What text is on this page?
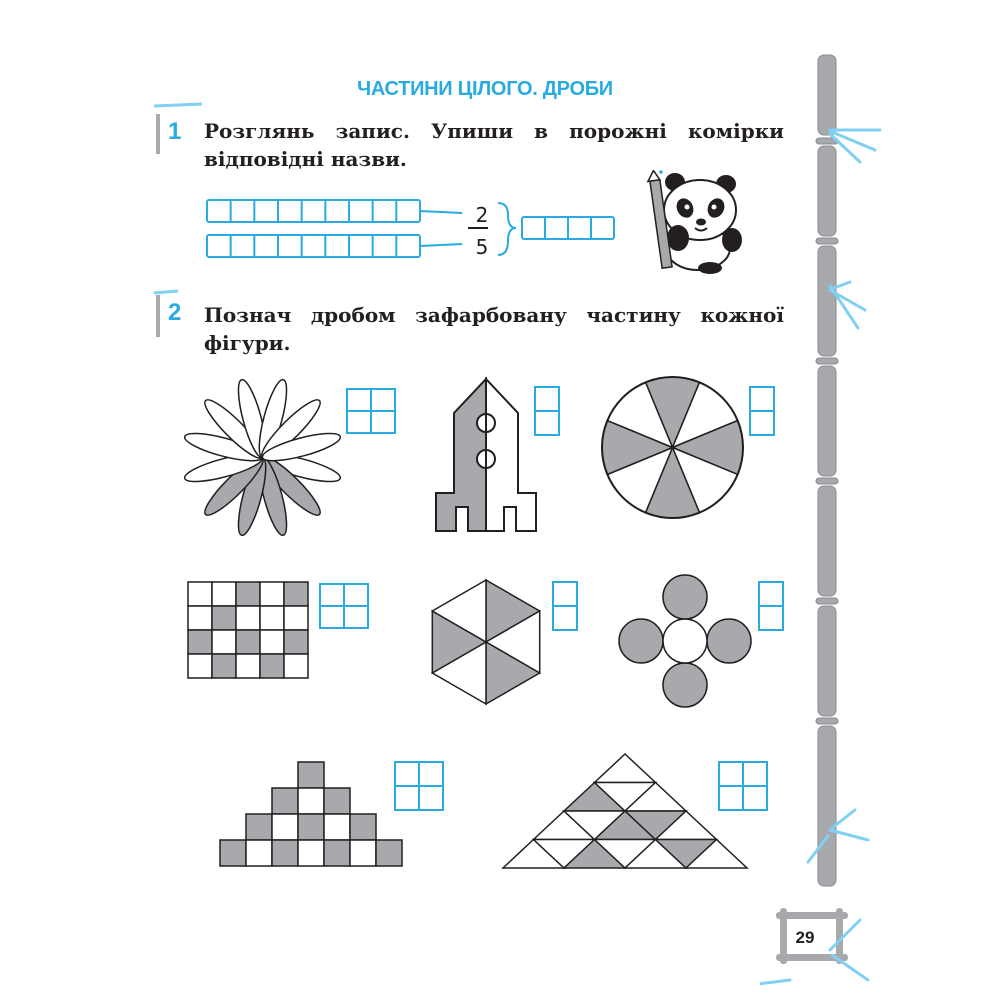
ЧАСТИНИ ЦІЛОГО. ДРОБИ
1 Розглянь запис. Упиши в порожні комірки відповідні назви.
2
5
2 Познач дробом зафарбовану частину кожної фігури.
29
